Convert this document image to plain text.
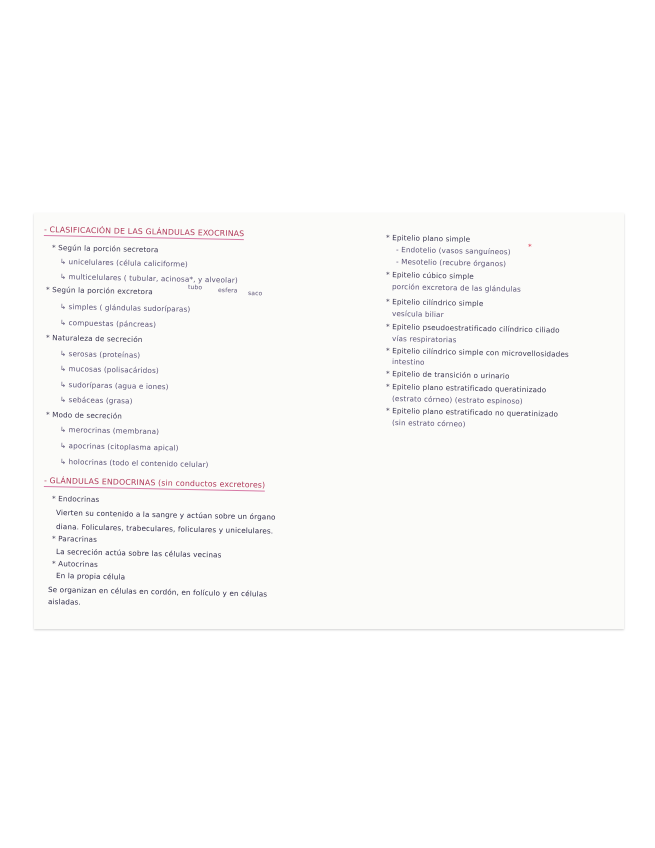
- CLASIFICACIÓN DE LAS GLÁNDULAS EXOCRINAS
* Según la porción secretora
↳ unicelulares (célula caliciforme)
↳ multicelulares ( tubular, acinosa*, y alveolar)
tubo	esfera saco
* Según la porción excretora
↳ simples ( glándulas sudoríparas)
↳ compuestas (páncreas)
* Naturaleza de secreción
↳ serosas (proteínas)
↳ mucosas (polisacáridos)
↳ sudoríparas (agua e iones)
↳ sebáceas (grasa)
* Modo de secreción
↳ merocrinas (membrana)
↳ apocrinas (citoplasma apical)
↳ holocrinas (todo el contenido celular)
- GLÁNDULAS ENDOCRINAS (sin conductos excretores)
* Endocrinas
Vierten su contenido a la sangre y actúan sobre un órgano
diana. Foliculares, trabeculares, foliculares y unicelulares.
* Paracrinas
La secreción actúa sobre las células vecinas
* Autocrinas
En la propia célula
Se organizan en células en cordón, en folículo y en células
aisladas.
* Epitelio plano simple
- Endotelio (vasos sanguíneos) *
- Mesotelio (recubre órganos)
* Epitelio cúbico simple
porción excretora de las glándulas
* Epitelio cilíndrico simple
vesícula biliar
* Epitelio pseudoestratificado cilíndrico ciliado
vías respiratorias
* Epitelio cilíndrico simple con microvellosidades
intestino
* Epitelio de transición o urinario
* Epitelio plano estratificado queratinizado
(estrato córneo) (estrato espinoso)
* Epitelio plano estratificado no queratinizado
(sin estrato córneo)
